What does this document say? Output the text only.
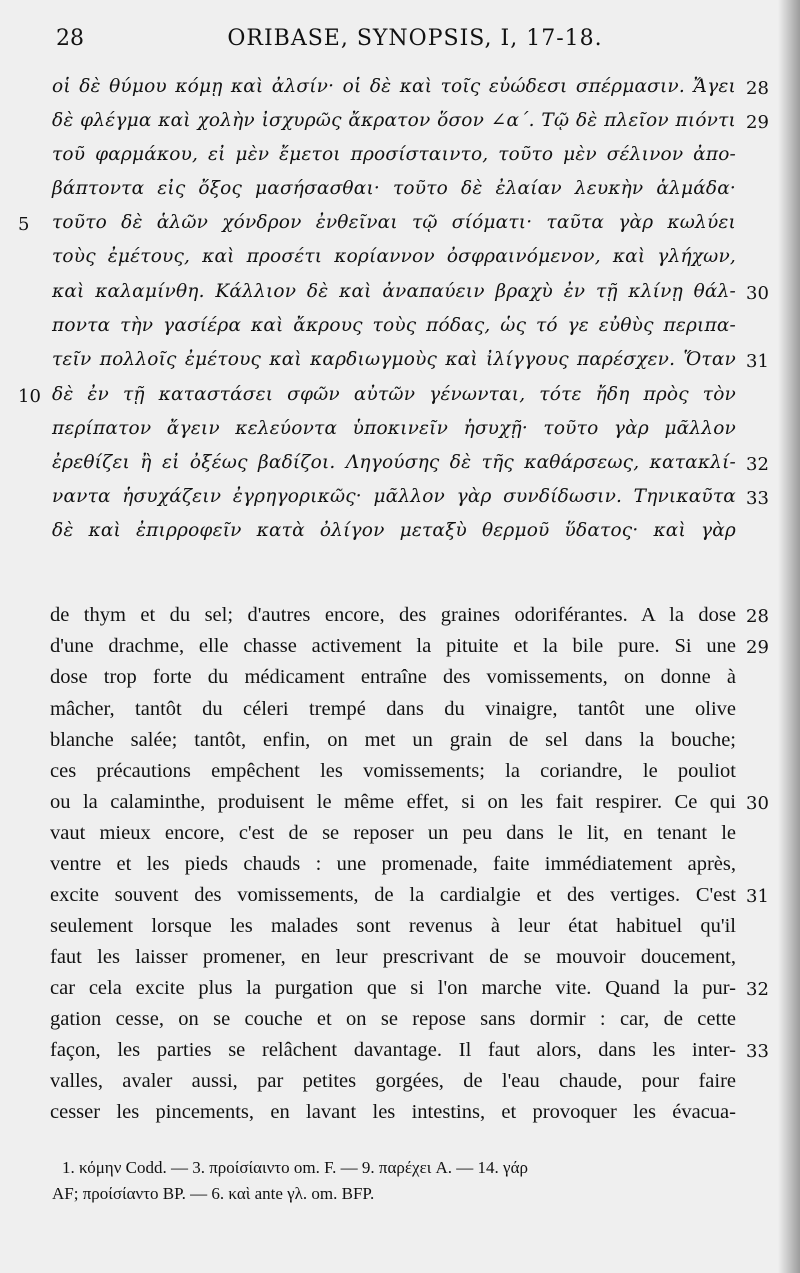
28	ORIBASE, SYNOPSIS, I, 17-18.
οἱ δὲ θύμου κόμῃ καὶ ἀλσίν· οἱ δὲ καὶ τοῖς εὐώδεσι σπέρμασιν. Ἄγει 28
δὲ φλέγμα καὶ χολὴν ἰσχυρῶς ἄκρατον ὅσον ∠α΄. Τῷ δὲ πλεῖον πιόντι 29
τοῦ φαρμάκου, εἰ μὲν ἔμετοι προσίσταιντο, τοῦτο μὲν σέλινον ἀπο-
βάπτοντα εἰς ὄξος μασήσασθαι· τοῦτο δὲ ἐλαίαν λευκὴν ἁλμάδα·
5 τοῦτο δὲ ἁλῶν χόνδρον ἐνθεῖναι τῷ σίόματι· ταῦτα γὰρ κωλύει
τοὺς ἐμέτους, καὶ προσέτι κορίαννον ὀσφραινόμενον, καὶ γλήχων,
καὶ καλαμίνθη. Κάλλιον δὲ καὶ ἀναπαύειν βραχὺ ἐν τῇ κλίνῃ θάλ- 30
ποντα τὴν γασίέρα καὶ ἄκρους τοὺς πόδας, ὡς τό γε εὐθὺς περιπα-
τεῖν πολλοῖς ἐμέτους καὶ καρδιωγμοὺς καὶ ἰλίγγους παρέσχεν. Ὅταν 31
10 δὲ ἐν τῇ καταστάσει σφῶν αὐτῶν γένωνται, τότε ἤδη πρὸς τὸν
περίπατον ἄγειν κελεύοντα ὑποκινεῖν ἡσυχῇ· τοῦτο γὰρ μᾶλλον
ἐρεθίζει ἢ εἰ ὀξέως βαδίζοι. Ληγούσης δὲ τῆς καθάρσεως, κατακλί- 32
ναντα ἡσυχάζειν ἐγρηγορικῶς· μᾶλλον γὰρ συνδίδωσιν. Τηνικαῦτα 33
δὲ καὶ ἐπιρροφεῖν κατὰ ὀλίγον μεταξὺ θερμοῦ ὕδατος· καὶ γὰρ
de thym et du sel; d'autres encore, des graines odoriférantes. A la dose 28
d'une drachme, elle chasse activement la pituite et la bile pure. Si une 29
dose trop forte du médicament entraîne des vomissements, on donne à
mâcher, tantôt du céleri trempé dans du vinaigre, tantôt une olive
blanche salée; tantôt, enfin, on met un grain de sel dans la bouche;
ces précautions empêchent les vomissements; la coriandre, le pouliot
ou la calaminthe, produisent le même effet, si on les fait respirer. Ce qui 30
vaut mieux encore, c'est de se reposer un peu dans le lit, en tenant le
ventre et les pieds chauds : une promenade, faite immédiatement après,
excite souvent des vomissements, de la cardialgie et des vertiges. C'est 31
seulement lorsque les malades sont revenus à leur état habituel qu'il
faut les laisser promener, en leur prescrivant de se mouvoir doucement,
car cela excite plus la purgation que si l'on marche vite. Quand la pur- 32
gation cesse, on se couche et on se repose sans dormir : car, de cette
façon, les parties se relâchent davantage. Il faut alors, dans les inter- 33
valles, avaler aussi, par petites gorgées, de l'eau chaude, pour faire
cesser les pincements, en lavant les intestins, et provoquer les évacua-
1. κόμην Codd. — 3. προίσίαιντο om. F. — 9. παρέχει A. — 14. γάρ
AF; προίσίαντο BP. — 6. καὶ ante γλ. om. BFP.
